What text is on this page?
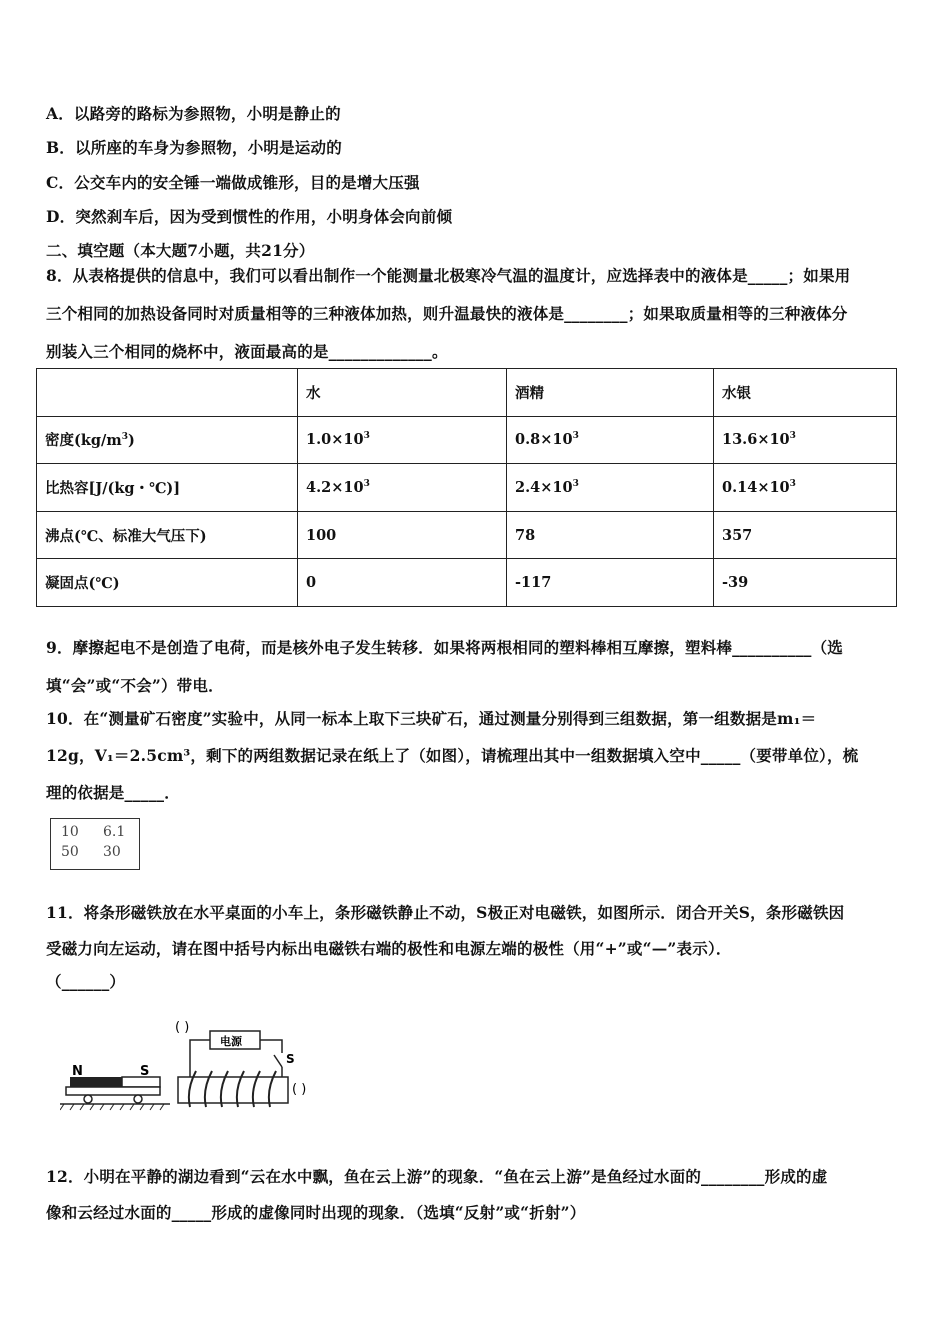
A．以路旁的路标为参照物，小明是静止的
B．以所座的车身为参照物，小明是运动的
C．公交车内的安全锤一端做成锥形，目的是增大压强
D．突然刹车后，因为受到惯性的作用，小明身体会向前倾
二、填空题（本大题7小题，共21分）
8．从表格提供的信息中，我们可以看出制作一个能测量北极寒冷气温的温度计，应选择表中的液体是_____；如果用
三个相同的加热设备同时对质量相等的三种液体加热，则升温最快的液体是________；如果取质量相等的三种液体分
别装入三个相同的烧杯中，液面最高的是_____________。
	水	酒精	水银
密度$(kg/m^3)$	$1.0\times 10^3$	$0.8\times 10^3$	$13.6\times 10^3$
比热容[J/(kg・℃)]	$4.2\times 10^3$	$2.4\times 10^3$	$0.14\times 10^3$
沸点(℃、标准大气压下)	100	78	357
凝固点(℃)	0	-117	-39
9．摩擦起电不是创造了电荷，而是核外电子发生转移．如果将两根相同的塑料棒相互摩擦，塑料棒__________（选
填“会”或“不会”）带电．
10．在“测量矿石密度”实验中，从同一标本上取下三块矿石，通过测量分别得到三组数据，第一组数据是m₁＝
12g，V₁＝2.5cm³，剩下的两组数据记录在纸上了（如图），请梳理出其中一组数据填入空中_____（要带单位），梳
理的依据是_____．
10 6.1
50 30
11．将条形磁铁放在水平桌面的小车上，条形磁铁静止不动，S极正对电磁铁，如图所示．闭合开关S，条形磁铁因
受磁力向左运动，请在图中括号内标出电磁铁右端的极性和电源左端的极性（用“+”或“—”表示）．
（______）
N	S
电源
S
( )
( )
12．小明在平静的湖边看到“云在水中飘，鱼在云上游”的现象．“鱼在云上游”是鱼经过水面的________形成的虚
像和云经过水面的_____形成的虚像同时出现的现象．（选填“反射”或“折射”）
